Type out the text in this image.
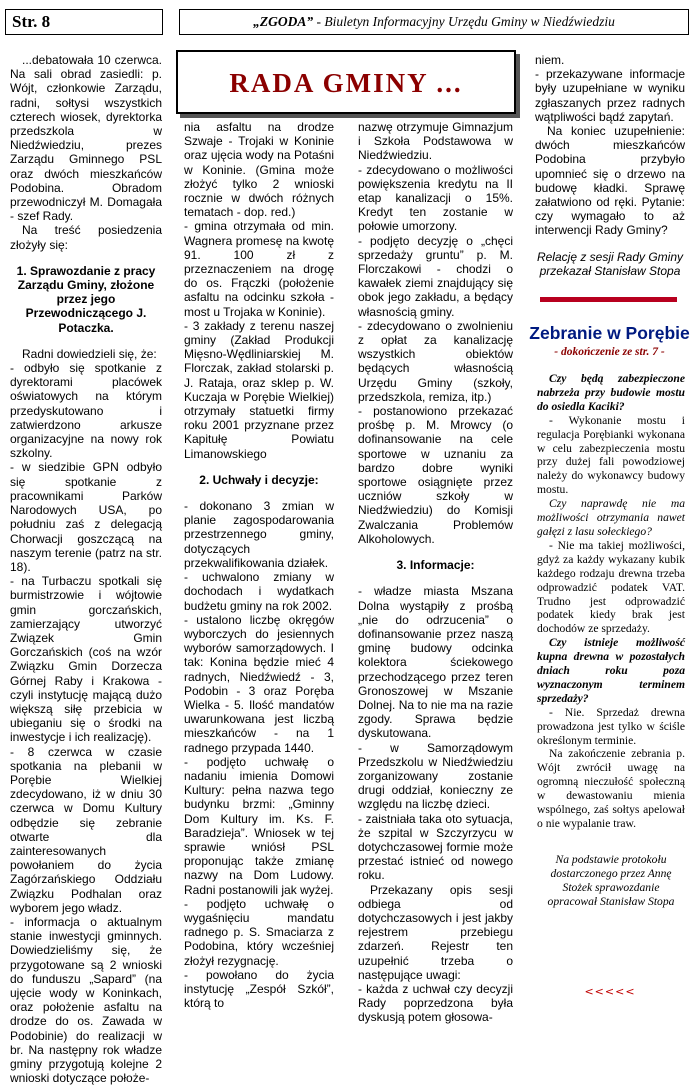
Str. 8	„ZGODA” - Biuletyn Informacyjny Urzędu Gminy w Niedźwiedziu

...debatowała 10 czerwca. Na sali obrad zasiedli: p. Wójt, członkowie Zarządu, radni, sołtysi wszystkich czterech wiosek, dyrektorka przedszkola w Niedźwiedziu, prezes Zarządu Gminnego PSL oraz dwóch mieszkańców Podobina. Obradom przewodniczył M. Domagała - szef Rady.

Na treść posiedzenia złożyły się:

1. Sprawozdanie z pracy Zarządu Gminy, złożone przez jego Przewodniczącego J. Potaczka.

Radni dowiedzieli się, że:

- odbyło się spotkanie z dyrektorami placówek oświatowych na którym przedyskutowano i zatwierdzono arkusze organizacyjne na nowy rok szkolny.

- w siedzibie GPN odbyło się spotkanie z pracownikami Parków Narodowych USA, po południu zaś z delegacją Chorwacji goszczącą na naszym terenie (patrz na str. 18).

- na Turbaczu spotkali się burmistrzowie i wójtowie gmin gorczańskich, zamierzający utworzyć Związek Gmin Gorczańskich (coś na wzór Związku Gmin Dorzecza Górnej Raby i Krakowa - czyli instytucję mającą dużo większą siłę przebicia w ubieganiu się o środki na inwestycje i ich realizację).

- 8 czerwca w czasie spotkania na plebanii w Porębie Wielkiej zdecydowano, iż w dniu 30 czerwca w Domu Kultury odbędzie się zebranie otwarte dla zainteresowanych powołaniem do życia Zagórzańskiego Oddziału Związku Podhalan oraz wyborem jego władz.

- informacja o aktualnym stanie inwestycji gminnych. Dowiedzieliśmy się, że przygotowane są 2 wnioski do funduszu „Sapard” (na ujęcie wody w Koninkach, oraz położenie asfaltu na drodze do os. Zawada w Podobinie) do realizacji w br. Na następny rok władze gminy przygotują kolejne 2 wnioski dotyczące położe-

RADA GMINY ...

nia asfaltu na drodze Szwaje - Trojaki w Koninie oraz ujęcia wody na Potaśni w Koninie. (Gmina może złożyć tylko 2 wnioski rocznie w dwóch różnych tematach - dop. red.)

- gmina otrzymała od min. Wagnera promesę na kwotę 91. 100 zł z przeznaczeniem na drogę do os. Frączki (położenie asfaltu na odcinku szkoła - most u Trojaka w Koninie).

- 3 zakłady z terenu naszej gminy (Zakład Produkcji Mięsno-Wędliniarskiej M. Florczak, zakład stolarski p. J. Rataja, oraz sklep p. W. Kuczaja w Porębie Wielkiej) otrzymały statuetki firmy roku 2001 przyznane przez Kapitułę Powiatu Limanowskiego

2. Uchwały i decyzje:

- dokonano 3 zmian w planie zagospodarowania przestrzennego gminy, dotyczących przekwalifikowania działek.

- uchwalono zmiany w dochodach i wydatkach budżetu gminy na rok 2002.

- ustalono liczbę okręgów wyborczych do jesiennych wyborów samorządowych. I tak: Konina będzie mieć 4 radnych, Niedźwiedź - 3, Podobin - 3 oraz Poręba Wielka - 5. Ilość mandatów uwarunkowana jest liczbą mieszkańców - na 1 radnego przypada 1440.

- podjęto uchwałę o nadaniu imienia Domowi Kultury: pełna nazwa tego budynku brzmi: „Gminny Dom Kultury im. Ks. F. Baradzieja”. Wniosek w tej sprawie wniósł PSL proponując także zmianę nazwy na Dom Ludowy. Radni postanowili jak wyżej.

- podjęto uchwałę o wygaśnięciu mandatu radnego p. S. Smaciarza z Podobina, który wcześniej złożył rezygnację.

- powołano do życia instytucję „Zespół Szkół”, którą to

nazwę otrzymuje Gimnazjum i Szkoła Podstawowa w Niedźwiedziu.

- zdecydowano o możliwości powiększenia kredytu na II etap kanalizacji o 15%. Kredyt ten zostanie w połowie umorzony.

- podjęto decyzję o „chęci sprzedaży gruntu” p. M. Florczakowi - chodzi o kawałek ziemi znajdujący się obok jego zakładu, a będący własnością gminy.

- zdecydowano o zwolnieniu z opłat za kanalizację wszystkich obiektów będących własnością Urzędu Gminy (szkoły, przedszkola, remiza, itp.)

- postanowiono przekazać prośbę p. M. Mrowcy (o dofinansowanie na cele sportowe w uznaniu za bardzo dobre wyniki sportowe osiągnięte przez uczniów szkoły w Niedźwiedziu) do Komisji Zwalczania Problemów Alkoholowych.

3. Informacje:

- władze miasta Mszana Dolna wystąpiły z prośbą „nie do odrzucenia” o dofinansowanie przez naszą gminę budowy odcinka kolektora ściekowego przechodzącego przez teren Gronoszowej w Mszanie Dolnej. Na to nie ma na razie zgody. Sprawa będzie dyskutowana.

- w Samorządowym Przedszkolu w Niedźwiedziu zorganizowany zostanie drugi oddział, konieczny ze względu na liczbę dzieci.

- zaistniała taka oto sytuacja, że szpital w Szczyrzycu w dotychczasowej formie może przestać istnieć od nowego roku.

Przekazany opis sesji odbiega od dotychczasowych i jest jakby rejestrem przebiegu zdarzeń. Rejestr ten uzupełnić trzeba o następujące uwagi:

- każda z uchwał czy decyzji Rady poprzedzona była dyskusją potem głosowa-

niem.

- przekazywane informacje były uzupełniane w wyniku zgłaszanych przez radnych wątpliwości bądź zapytań.

Na koniec uzupełnienie: dwóch mieszkańców Podobina przybyło upomnieć się o drzewo na budowę kładki. Sprawę załatwiono od ręki. Pytanie: czy wymagało to aż interwencji Rady Gminy?

Relację z sesji Rady Gminy przekazał Stanisław Stopa

Zebranie w Porębie
- dokończenie ze str. 7 -

Czy będą zabezpieczone nabrzeża przy budowie mostu do osiedla Kaciki?

- Wykonanie mostu i regulacja Porębianki wykonana w celu zabezpieczenia mostu przy dużej fali powodziowej należy do wykonawcy budowy mostu.

Czy naprawdę nie ma możliwości otrzymania nawet gałęzi z lasu sołeckiego?

- Nie ma takiej możliwości, gdyż za każdy wykazany kubik każdego rodzaju drewna trzeba odprowadzić podatek VAT. Trudno jest odprowadzić podatek kiedy brak jest dochodów ze sprzedaży.

Czy istnieje możliwość kupna drewna w pozostałych dniach roku poza wyznaczonym terminem sprzedaży?

- Nie. Sprzedaż drewna prowadzona jest tylko w ściśle określonym terminie.

Na zakończenie zebrania p. Wójt zwrócił uwagę na ogromną nieczułość społeczną w dewastowaniu mienia wspólnego, zaś sołtys apelował o nie wypalanie traw.

Na podstawie protokołu dostarczonego przez Annę Stożek sprawozdanie opracował Stanisław Stopa

<<<<<
